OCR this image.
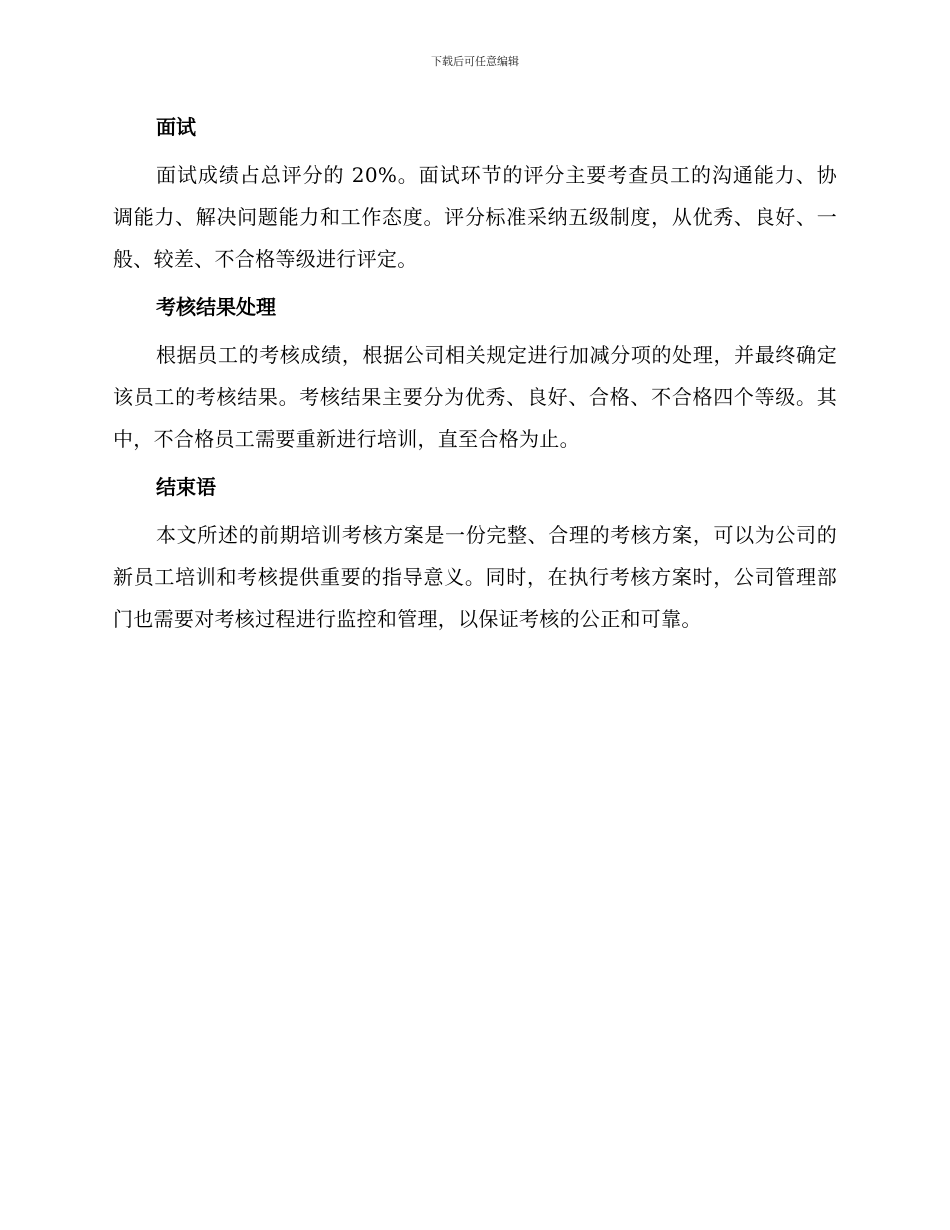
下载后可任意编辑
面试

面试成绩占总评分的 20%。面试环节的评分主要考查员工的沟通能力、协调能力、解决问题能力和工作态度。评分标准采纳五级制度，从优秀、良好、一般、较差、不合格等级进行评定。

考核结果处理

根据员工的考核成绩，根据公司相关规定进行加减分项的处理，并最终确定该员工的考核结果。考核结果主要分为优秀、良好、合格、不合格四个等级。其中，不合格员工需要重新进行培训，直至合格为止。

结束语

本文所述的前期培训考核方案是一份完整、合理的考核方案，可以为公司的新员工培训和考核提供重要的指导意义。同时，在执行考核方案时，公司管理部门也需要对考核过程进行监控和管理，以保证考核的公正和可靠。
